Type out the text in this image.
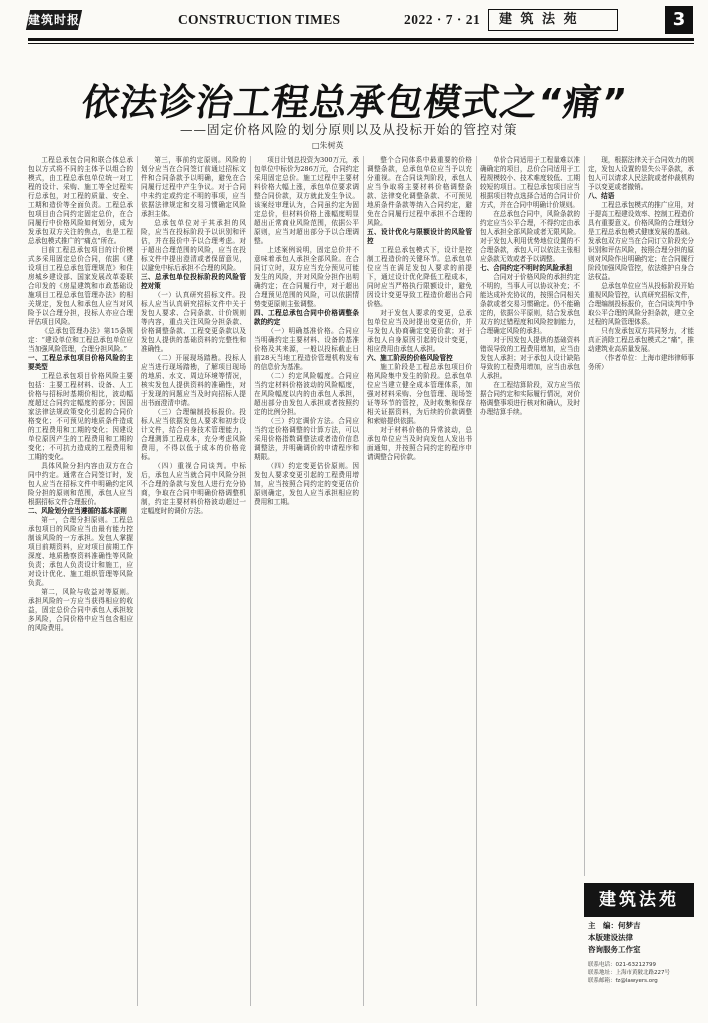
建筑时报	CONSTRUCTION TIMES	2022 · 7 · 21	建 筑 法 苑	3
依法诊治工程总承包模式之“痛”
——固定价格风险的划分原则以及从投标开始的管控对策
□朱树英

工程总承包合同和联合体总承包以方式将不同的主体予以组合的模式，由工程总承包单位统一对工程的设计、采购、施工等全过程实行总承包，对工程的质量、安全、工期和造价等全面负责。工程总承包项目由合同约定固定总价，在合同履行中价格风险如何划分，成为发承包双方关注的焦点，也是工程总承包模式推广的“痛点”所在。

目前工程总承包项目的计价模式多采用固定总价合同，依据《建设项目工程总承包管理规范》和住房城乡建设部、国家发展改革委联合印发的《房屋建筑和市政基础设施项目工程总承包管理办法》的相关规定，发包人和承包人应当对风险予以合理分担，投标人亦应合理评估项目风险。

《总承包管理办法》第15条规定：“建设单位和工程总承包单位应当加强风险管理，合理分担风险。”

一、工程总承包项目价格风险的主要类型

工程总承包项目价格风险主要包括：主要工程材料、设备、人工价格与招标时基期价相比，波动幅度超过合同约定幅度的部分；因国家法律法规政策变化引起的合同价格变化；不可预见的地质条件造成的工程费用和工期的变化；因建设单位原因产生的工程费用和工期的变化；不可抗力造成的工程费用和工期的变化。

具体风险分担内容由双方在合同中约定。通常在合同签订时，发包人应当在招标文件中明确约定风险分担的原则和范围，承包人应当根据招标文件合理报价。

二、风险划分应当遵循的基本原则

第一，合理分担原则。工程总承包项目的风险应当由最有能力控制该风险的一方承担。发包人掌握项目前期资料，应对项目前期工作深度、地质勘察资料准确性等风险负责；承包人负责设计和施工，应对设计优化、施工组织管理等风险负责。

第二，风险与收益对等原则。承担风险的一方应当获得相应的收益，固定总价合同中承包人承担较多风险，合同价格中应当包含相应的风险费用。

第三，事前约定原则。风险的划分应当在合同签订前通过招标文件和合同条款予以明确，避免在合同履行过程中产生争议。对于合同中未约定或约定不明的事项，应当依据法律规定和交易习惯确定风险承担主体。

总承包单位对于其承担的风险，应当在投标阶段予以识别和评估，并在报价中予以合理考虑。对于超出合理范围的风险，应当在投标文件中提出澄清或者保留意见，以避免中标后承担不合理的风险。

三、总承包单位投标阶段的风险管控对策

（一）认真研究招标文件。投标人应当认真研究招标文件中关于发包人要求、合同条款、计价规则等内容，重点关注风险分担条款、价格调整条款、工程变更条款以及发包人提供的基础资料的完整性和准确性。

（二）开展现场踏勘。投标人应当进行现场踏勘，了解项目现场的地质、水文、周边环境等情况，核实发包人提供资料的准确性，对于发现的问题应当及时向招标人提出书面澄清申请。

（三）合理编制投标报价。投标人应当依据发包人要求和初步设计文件，结合自身技术管理能力，合理测算工程成本，充分考虑风险费用，不得以低于成本的价格竞标。

（四）重视合同谈判。中标后，承包人应当就合同中风险分担不合理的条款与发包人进行充分协商，争取在合同中明确价格调整机制，约定主要材料价格波动超过一定幅度时的调价方法。

项目计划总投资为300万元，承包单位中标价为286万元，合同约定采用固定总价。施工过程中主要材料价格大幅上涨，承包单位要求调整合同价款，双方就此发生争议。该案经审理认为，合同虽约定为固定总价，但材料价格上涨幅度明显超出正常商业风险范围，依据公平原则，应当对超出部分予以合理调整。

上述案例说明，固定总价并不意味着承包人承担全部风险。在合同订立时，双方应当充分预见可能发生的风险，并对风险分担作出明确约定；在合同履行中，对于超出合理预见范围的风险，可以依据情势变更原则主张调整。

四、工程总承包合同中价格调整条款的约定

（一）明确基准价格。合同应当明确约定主要材料、设备的基准价格及其来源，一般以投标截止日前28天当地工程造价管理机构发布的信息价为基准。

（二）约定风险幅度。合同应当约定材料价格波动的风险幅度，在风险幅度以内的由承包人承担，超出部分由发包人承担或者按照约定的比例分担。

（三）约定调价方法。合同应当约定价格调整的计算方法，可以采用价格指数调整法或者造价信息调整法，并明确调价的申请程序和期限。

（四）约定变更估价原则。因发包人要求变更引起的工程费用增加，应当按照合同约定的变更估价原则确定，发包人应当承担相应的费用和工期。

整个合同体系中最重要的价格调整条款，总承包单位应当予以充分重视。在合同谈判阶段，承包人应当争取将主要材料价格调整条款、法律变化调整条款、不可预见地质条件条款等纳入合同约定，避免在合同履行过程中承担不合理的风险。

五、设计优化与限额设计的风险管控

工程总承包模式下，设计是控制工程造价的关键环节。总承包单位应当在满足发包人要求的前提下，通过设计优化降低工程成本，同时应当严格执行限额设计，避免因设计变更导致工程造价超出合同价格。

对于发包人要求的变更，总承包单位应当及时提出变更估价，并与发包人协商确定变更价款；对于承包人自身原因引起的设计变更，相应费用由承包人承担。

六、施工阶段的价格风险管控

施工阶段是工程总承包项目价格风险集中发生的阶段。总承包单位应当建立健全成本管理体系，加强对材料采购、分包管理、现场签证等环节的管控，及时收集和保存相关证据资料，为后续的价款调整和索赔提供依据。

对于材料价格的异常波动，总承包单位应当及时向发包人发出书面通知，并按照合同约定的程序申请调整合同价款。

单价合同适用于工程量难以准确确定的项目，总价合同适用于工程规模较小、技术难度较低、工期较短的项目。工程总承包项目应当根据项目特点选择合适的合同计价方式，并在合同中明确计价规则。

在总承包合同中，风险条款的约定应当公平合理，不得约定由承包人承担全部风险或者无限风险。对于发包人利用优势地位设置的不合理条款，承包人可以依法主张相应条款无效或者予以调整。

七、合同约定不明时的风险承担

合同对于价格风险的承担约定不明的，当事人可以协议补充；不能达成补充协议的，按照合同相关条款或者交易习惯确定。仍不能确定的，依据公平原则，结合发承包双方的过错程度和风险控制能力，合理确定风险的承担。

对于因发包人提供的基础资料错误导致的工程费用增加，应当由发包人承担；对于承包人设计缺陷导致的工程费用增加，应当由承包人承担。

在工程结算阶段，双方应当依据合同约定和实际履行情况，对价格调整事项进行核对和确认，及时办理结算手续。

现，根据法律关于合同效力的规定，发包人设置的显失公平条款，承包人可以请求人民法院或者仲裁机构予以变更或者撤销。

八、结语

工程总承包模式的推广应用，对于提高工程建设效率、控制工程造价具有重要意义。价格风险的合理划分是工程总承包模式健康发展的基础。发承包双方应当在合同订立阶段充分识别和评估风险，按照合理分担的原则对风险作出明确约定；在合同履行阶段加强风险管控，依法维护自身合法权益。

总承包单位应当从投标阶段开始重视风险管控，认真研究招标文件，合理编制投标报价，在合同谈判中争取公平合理的风险分担条款，建立全过程的风险管理体系。

只有发承包双方共同努力，才能真正消除工程总承包模式之“痛”，推动建筑业高质量发展。

（作者单位：上海市建纬律师事务所）

建筑法苑
主　编：何梦吉
本版建设法律
咨询服务工作室
联系电话：021-63212799
联系地址：上海市黄陂北路227号
联系邮箱：fz@lawyers.org
